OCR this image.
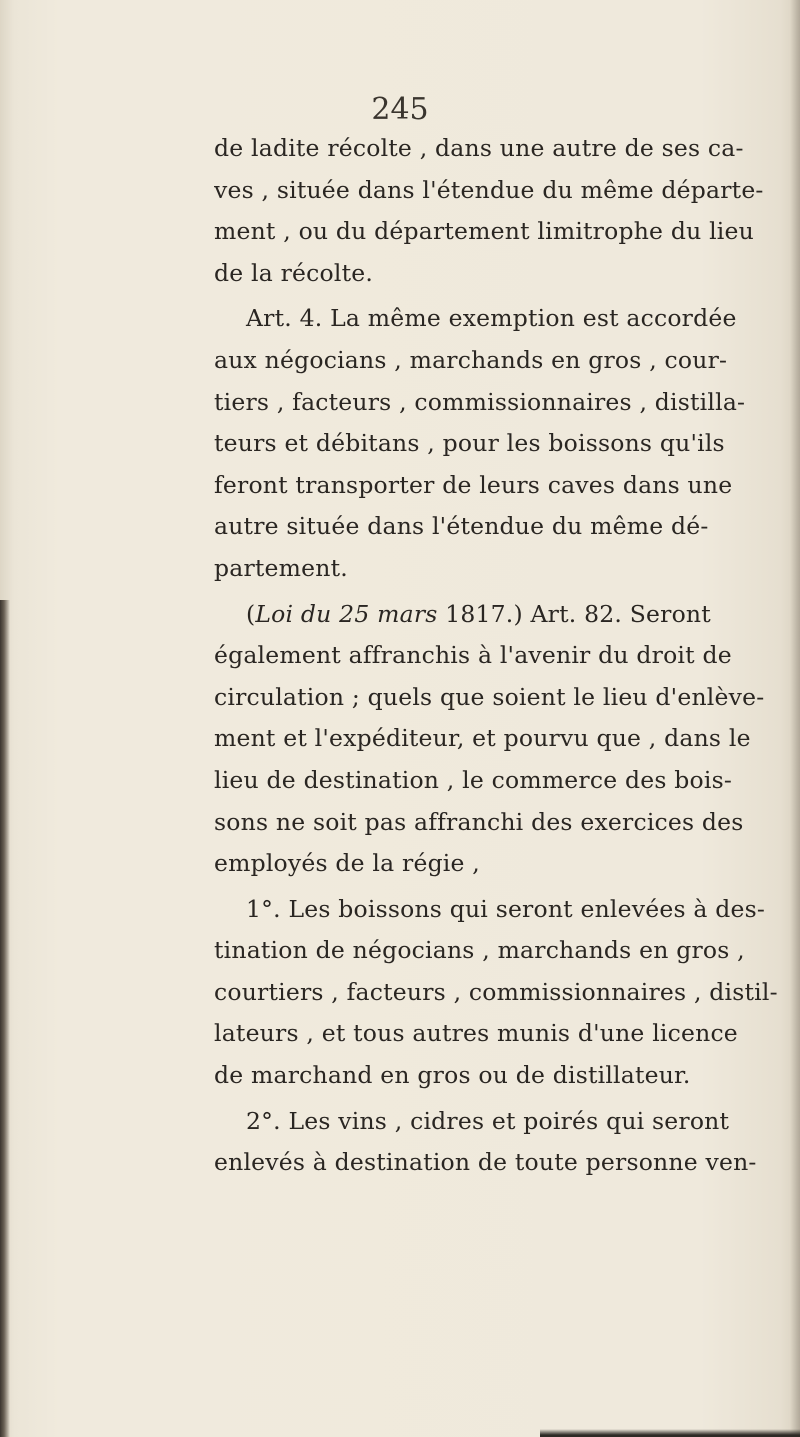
245
de ladite récolte , dans une autre de ses ca-
ves , située dans l'étendue du même départe-
ment , ou du département limitrophe du lieu
de la récolte.
Art. 4. La même exemption est accordée
aux négocians , marchands en gros , cour-
tiers , facteurs , commissionnaires , distilla-
teurs et débitans , pour les boissons qu'ils
feront transporter de leurs caves dans une
autre située dans l'étendue du même dé-
partement.
(Loi du 25 mars 1817.) Art. 82. Seront
également affranchis à l'avenir du droit de
circulation ; quels que soient le lieu d'enlève-
ment et l'expéditeur, et pourvu que , dans le
lieu de destination , le commerce des bois-
sons ne soit pas affranchi des exercices des
employés de la régie ,
1°. Les boissons qui seront enlevées à des-
tination de négocians , marchands en gros ,
courtiers , facteurs , commissionnaires , distil-
lateurs , et tous autres munis d'une licence
de marchand en gros ou de distillateur.
2°. Les vins , cidres et poirés qui seront
enlevés à destination de toute personne ven-
